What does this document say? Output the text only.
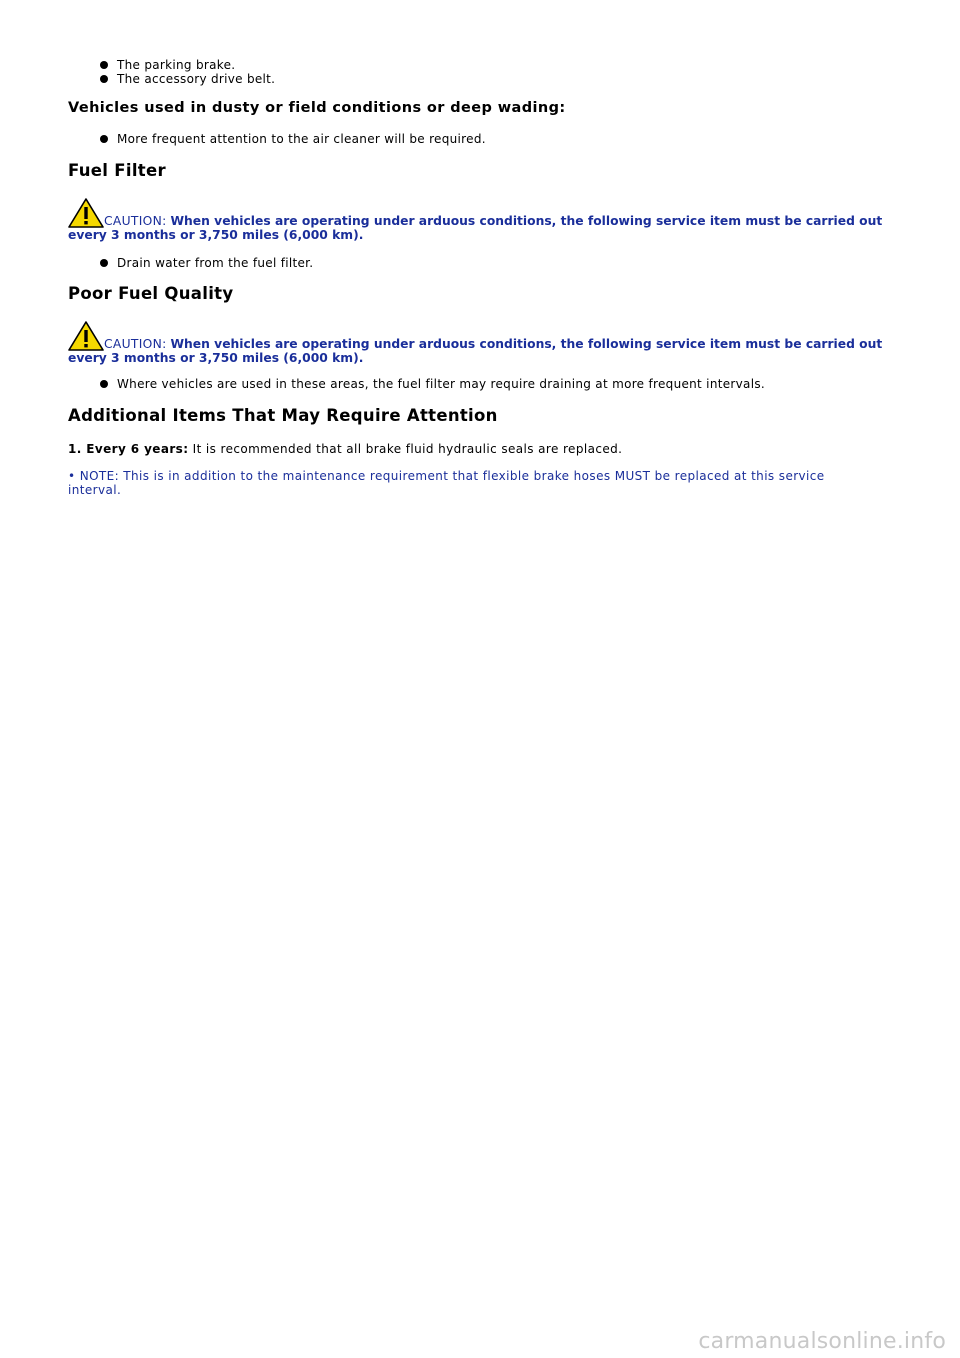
The parking brake.
The accessory drive belt.
Vehicles used in dusty or field conditions or deep wading:
More frequent attention to the air cleaner will be required.
Fuel Filter
CAUTION: When vehicles are operating under arduous conditions, the following service item must be carried out every 3 months or 3,750 miles (6,000 km).
Drain water from the fuel filter.
Poor Fuel Quality
CAUTION: When vehicles are operating under arduous conditions, the following service item must be carried out every 3 months or 3,750 miles (6,000 km).
Where vehicles are used in these areas, the fuel filter may require draining at more frequent intervals.
Additional Items That May Require Attention
1. Every 6 years: It is recommended that all brake fluid hydraulic seals are replaced.
• NOTE: This is in addition to the maintenance requirement that flexible brake hoses MUST be replaced at this service interval.
carmanualsonline.info
